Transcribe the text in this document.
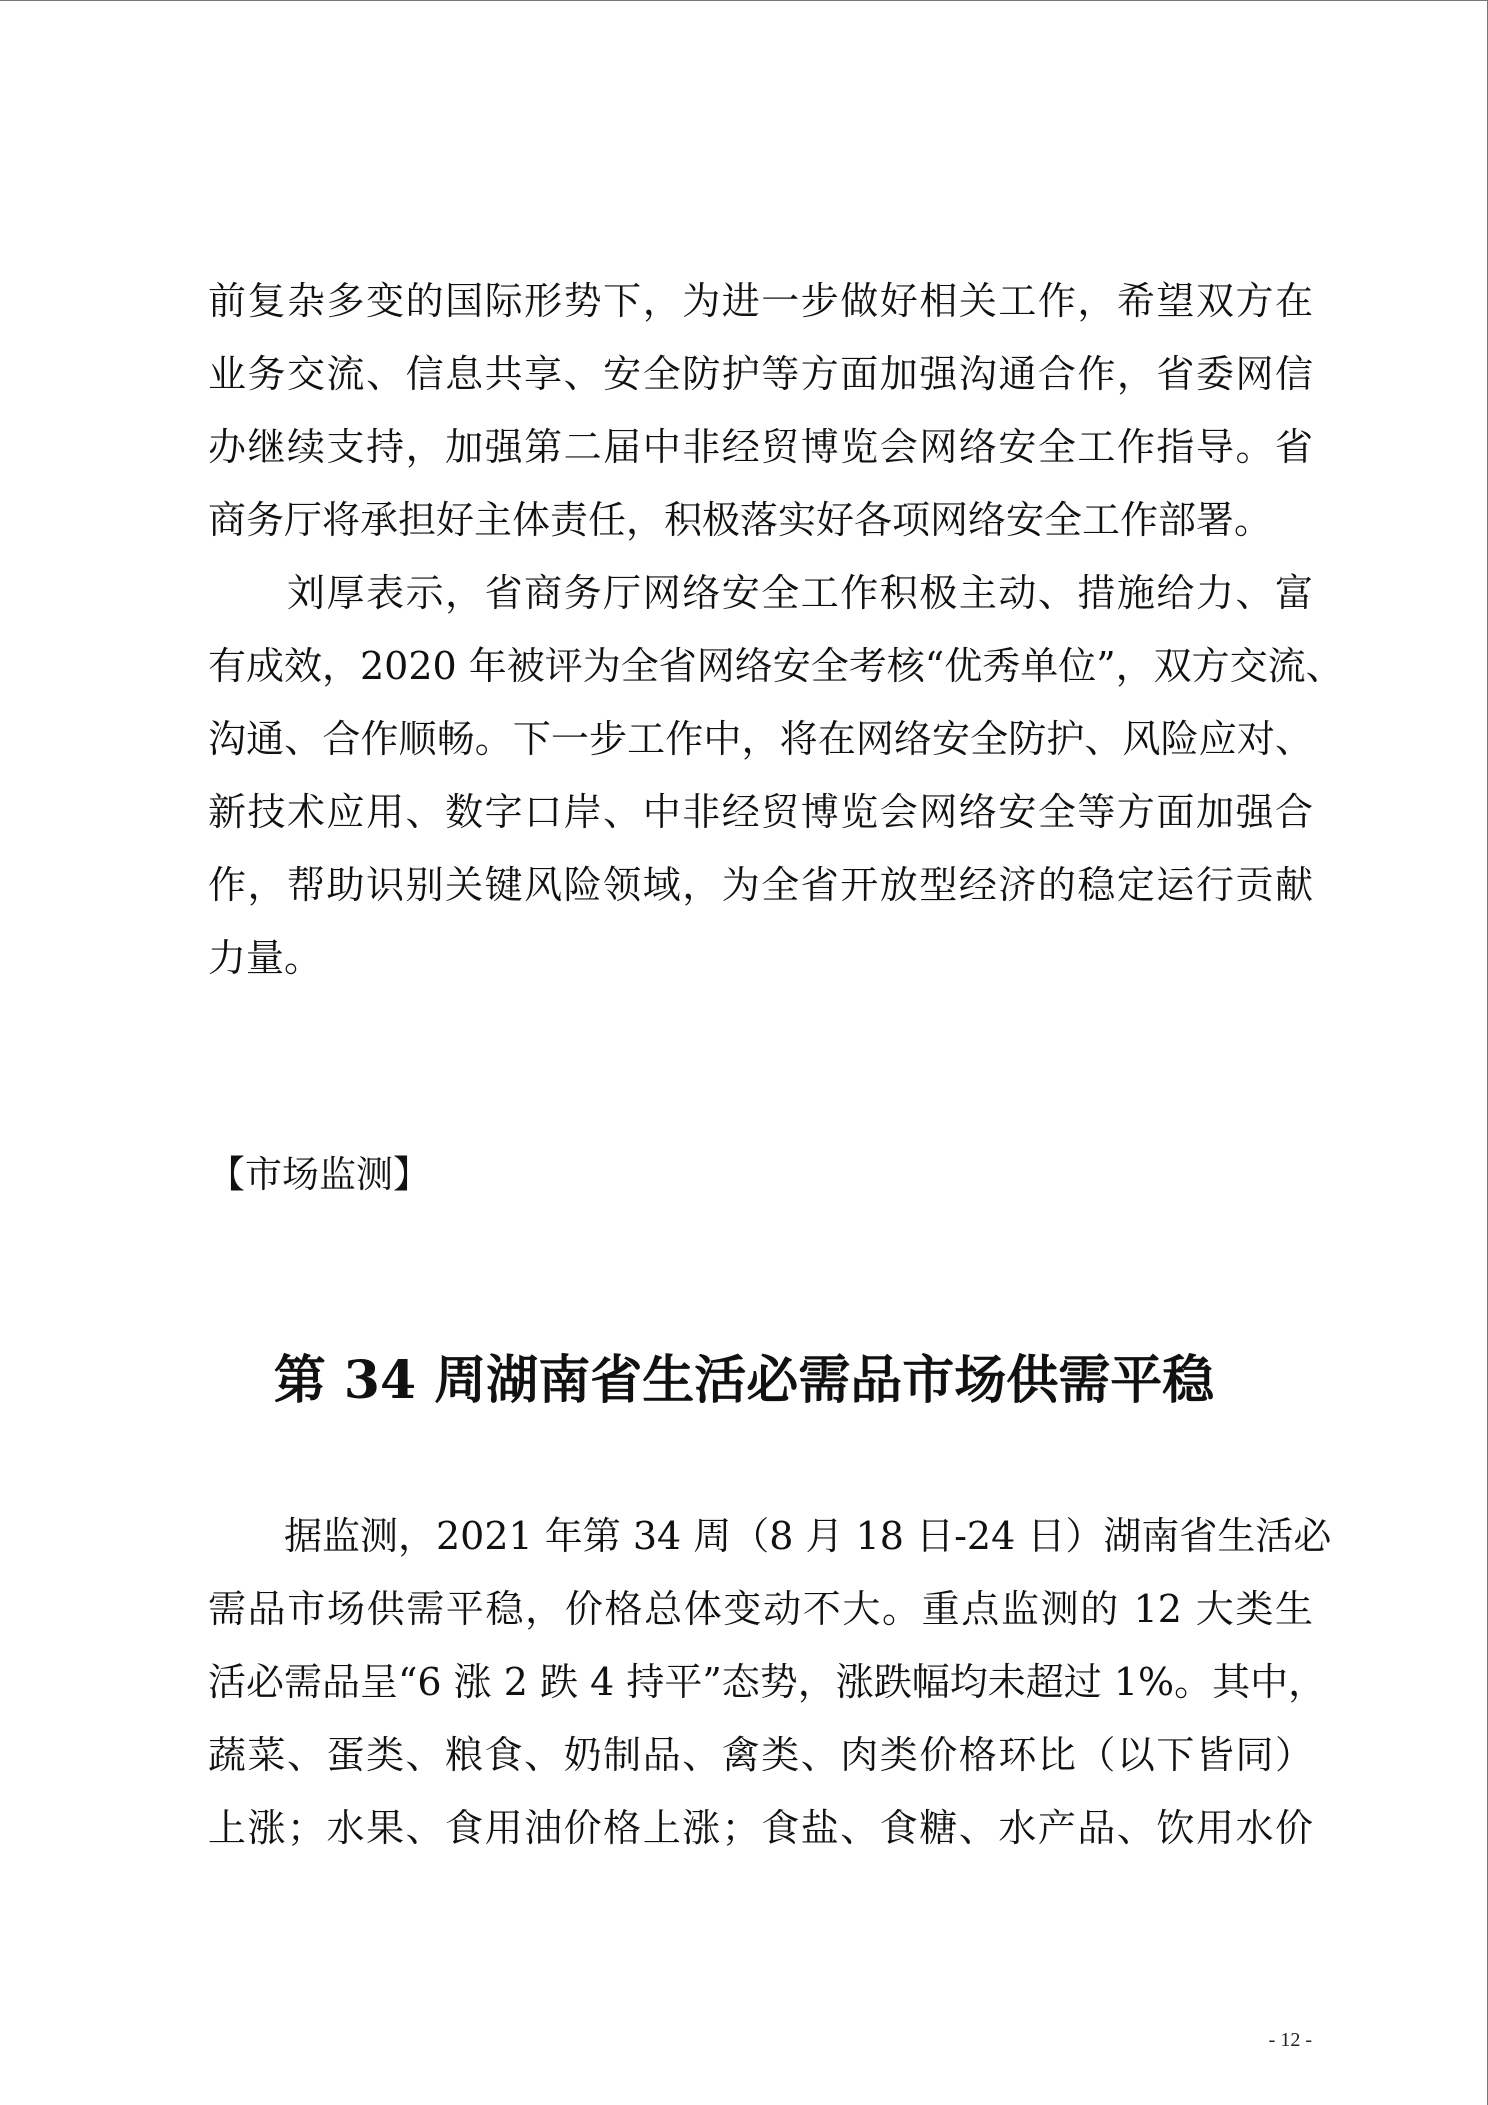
前复杂多变的国际形势下，为进一步做好相关工作，希望双方在
业务交流、信息共享、安全防护等方面加强沟通合作，省委网信
办继续支持，加强第二届中非经贸博览会网络安全工作指导。省
商务厅将承担好主体责任，积极落实好各项网络安全工作部署。
　　刘厚表示，省商务厅网络安全工作积极主动、措施给力、富
有成效，2020 年被评为全省网络安全考核“优秀单位”，双方交流、
沟通、合作顺畅。下一步工作中，将在网络安全防护、风险应对、
新技术应用、数字口岸、中非经贸博览会网络安全等方面加强合
作，帮助识别关键风险领域，为全省开放型经济的稳定运行贡献
力量。
【市场监测】
第 34 周湖南省生活必需品市场供需平稳
　　据监测，2021 年第 34 周（8 月 18 日-24 日）湖南省生活必
需品市场供需平稳，价格总体变动不大。重点监测的 12 大类生
活必需品呈“6 涨 2 跌 4 持平”态势，涨跌幅均未超过 1%。其中，
蔬菜、蛋类、粮食、奶制品、禽类、肉类价格环比（以下皆同）
上涨；水果、食用油价格上涨；食盐、食糖、水产品、饮用水价
- 12 -
